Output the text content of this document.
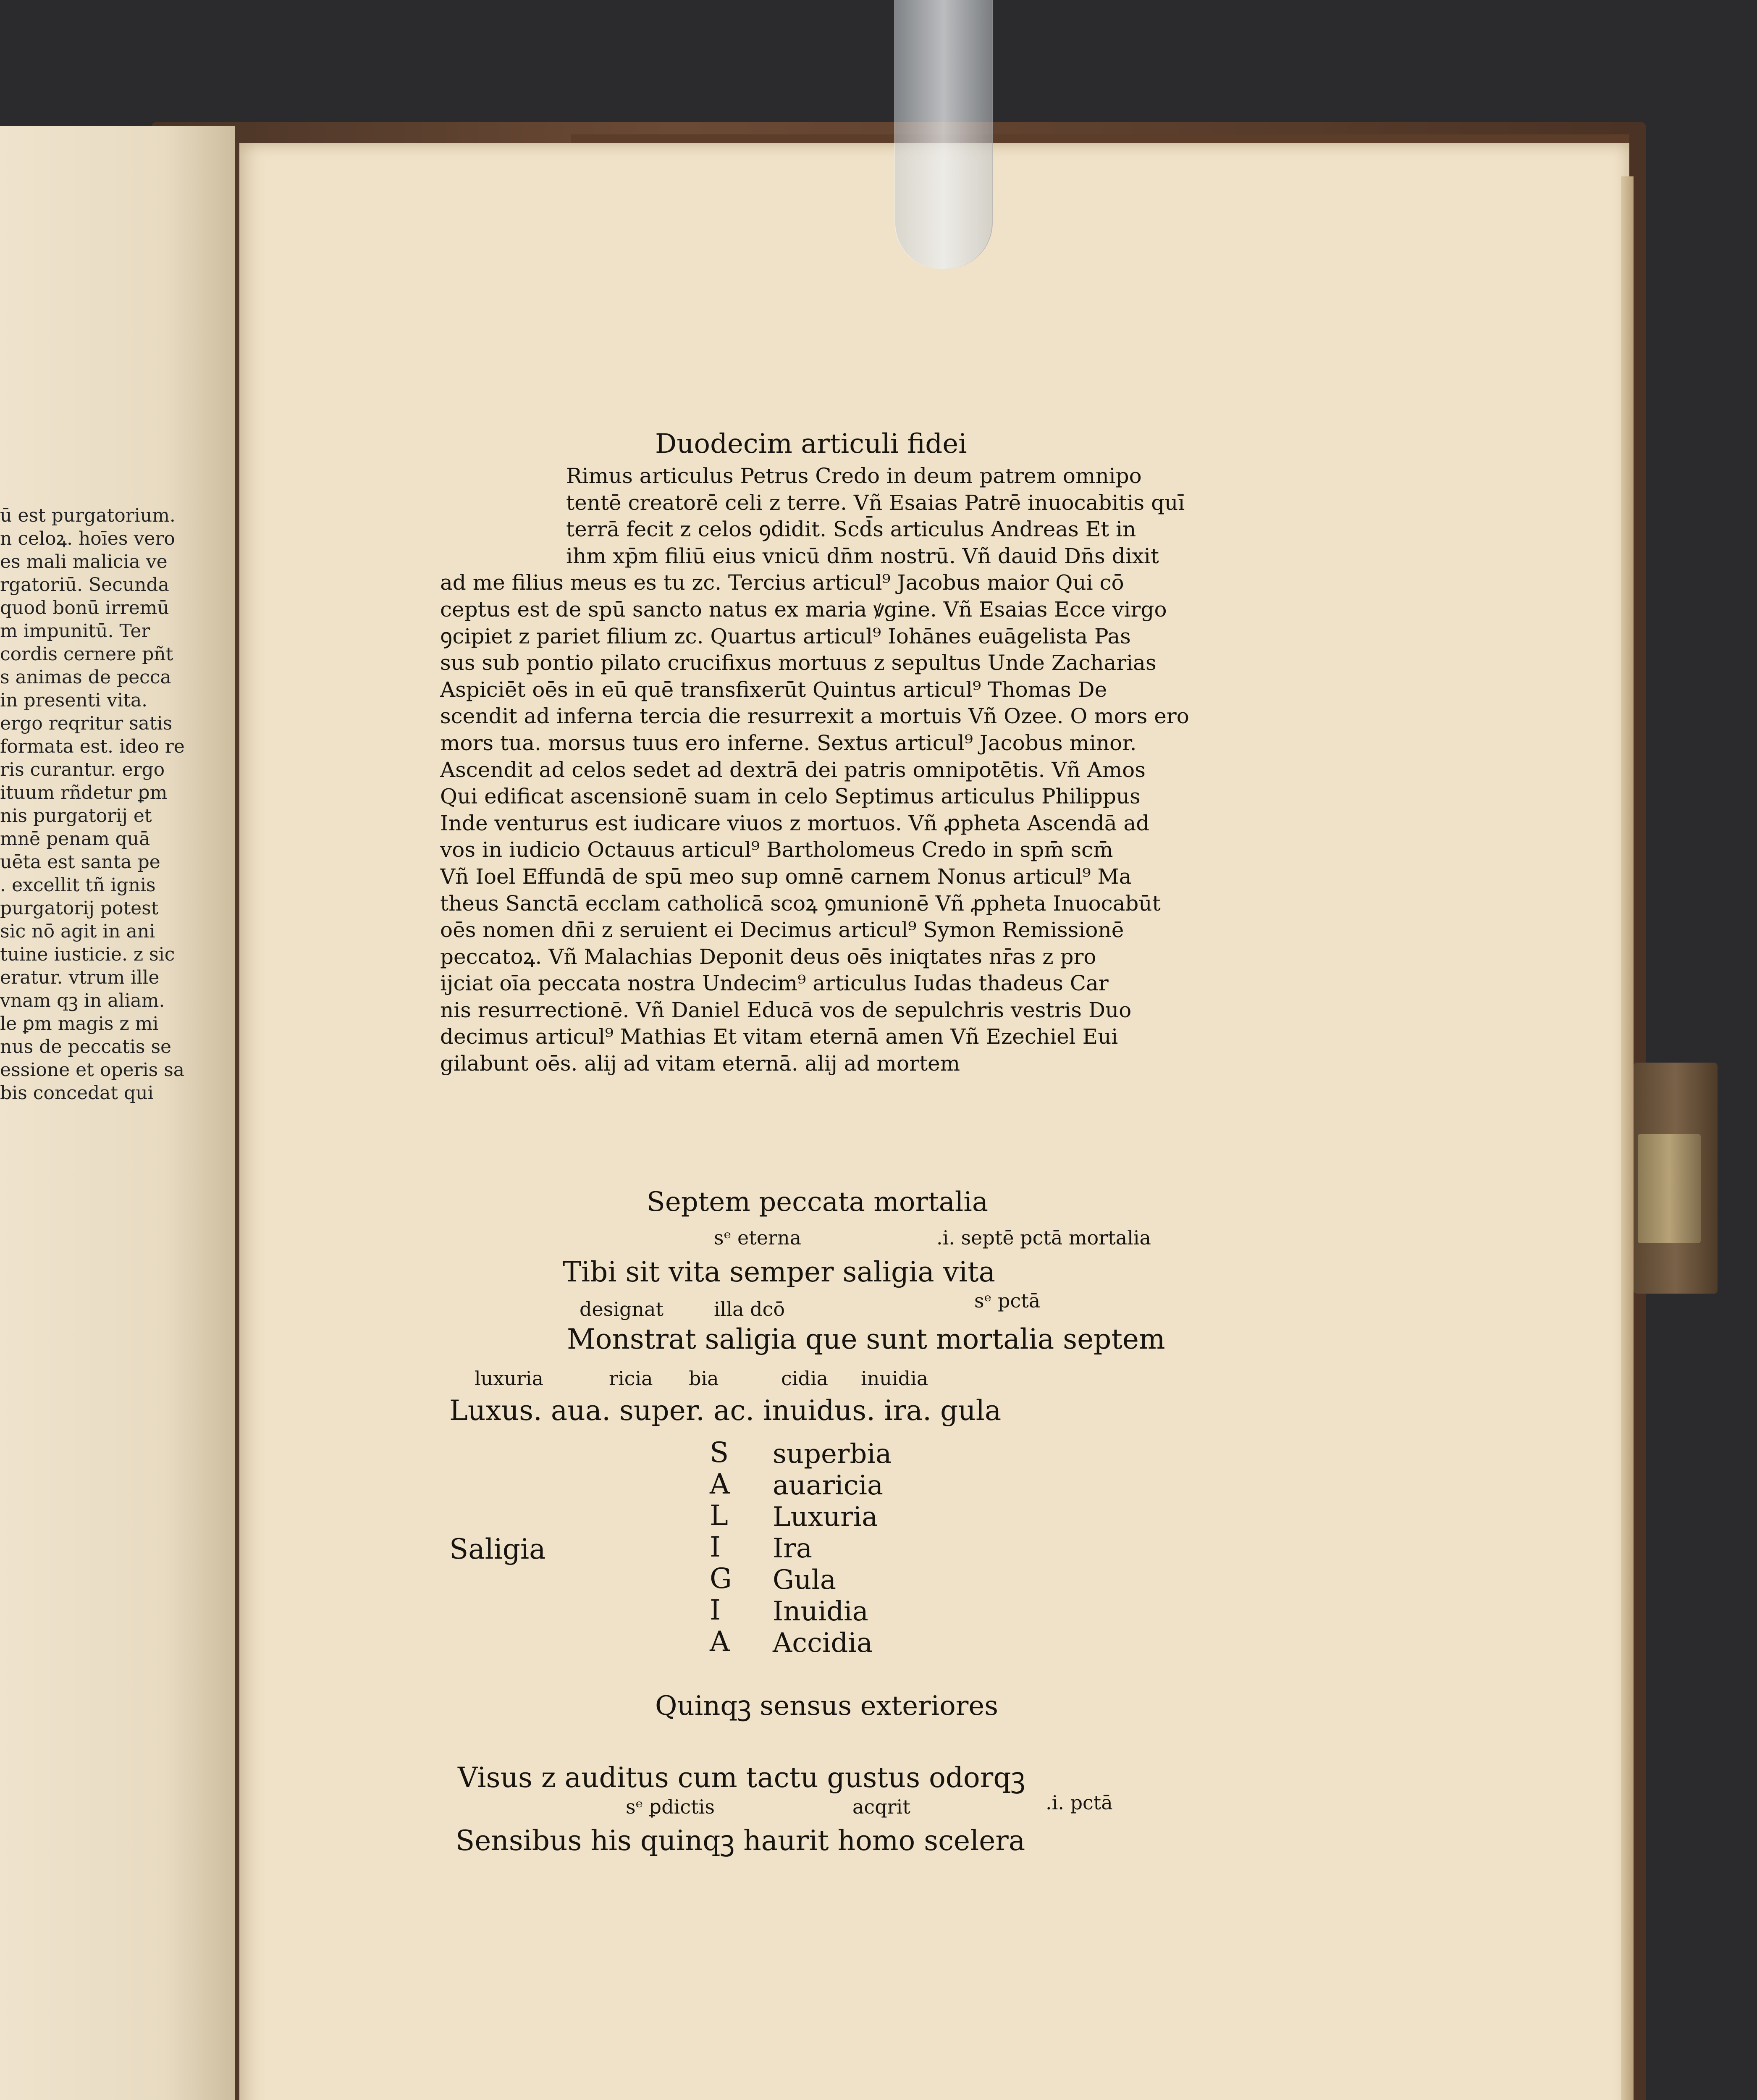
ū est purgatorium.
n celoꝝ. hoīes vero
es mali malicia ve
rgatoriū. Secunda
quod bonū irremū
m impunitū. Ter
cordis cernere pñt
s animas de pecca
in presenti vita.
ergo reqritur satis
formata est. ideo re
ris curantur. ergo
ituum rñdetur ꝑm
nis purgatorij et
mnē penam quā
uēta est santa pe
. excellit tñ ignis
purgatorij potest
sic nō agit in ani
tuine iusticie. z sic
eratur. vtrum ille
vnam qꝫ in aliam.
le ꝑm magis z mi
nus de peccatis se
essione et operis sa
bis concedat qui
Duodecim articuli fidei
Rimus articulus Petrus Credo in deum patrem omnipo
tentē creatorē celi z terre. Vñ Esaias Patrē inuocabitis quī
terrā fecit z celos ꝯdidit. Scd̄s articulus Andreas Et in
ihm xp̄m filiū eius vnicū dn̄m nostrū. Vñ dauid Dn̄s dixit
ad me filius meus es tu zc. Tercius articul⁹ Jacobus maior Qui cō
ceptus est de spū sancto natus ex maria ꝟgine. Vñ Esaias Ecce virgo
ꝯcipiet z pariet filium zc. Quartus articul⁹ Iohānes euāgelista Pas
sus sub pontio pilato crucifixus mortuus z sepultus Unde Zacharias
Aspiciēt oēs in eū quē transfixerūt Quintus articul⁹ Thomas De
scendit ad inferna tercia die resurrexit a mortuis Vñ Ozee. O mors ero
mors tua. morsus tuus ero inferne. Sextus articul⁹ Jacobus minor.
Ascendit ad celos sedet ad dextrā dei patris omnipotētis. Vñ Amos
Qui edificat ascensionē suam in celo Septimus articulus Philippus
Inde venturus est iudicare viuos z mortuos. Vñ ꝓpheta Ascendā ad
vos in iudicio Octauus articul⁹ Bartholomeus Credo in spm̄ scm̄
Vñ Ioel Effundā de spū meo sup omnē carnem Nonus articul⁹ Ma
theus Sanctā ecclam catholicā scoꝝ ꝯmunionē Vñ ꝓpheta Inuocabūt
oēs nomen dn̄i z seruient ei Decimus articul⁹ Symon Remissionē
peccatoꝝ. Vñ Malachias Deponit deus oēs iniqtates nr̄as z pro
ijciat oīa peccata nostra Undecim⁹ articulus Iudas thadeus Car
nis resurrectionē. Vñ Daniel Educā vos de sepulchris vestris Duo
decimus articul⁹ Mathias Et vitam eternā amen Vñ Ezechiel Eui
gilabunt oēs. alij ad vitam eternā. alij ad mortem
Septem peccata mortalia
sᵉ eterna	.i. septē pctā mortalia
Tibi sit vita semper saligia vita
designat	illa dcō	sᵉ pctā
Monstrat saligia que sunt mortalia septem
luxuria	ricia bia	cidia inuidia
Luxus. aua. super. ac. inuidus. ira. gula
Saligia
S superbia
A auaricia
L Luxuria
I Ira
G Gula
I Inuidia
A Accidia
Quinqꝫ sensus exteriores
Visus z auditus cum tactu gustus odorqꝫ
sᵉ ꝑdictis	acqrit	.i. pctā
Sensibus his quinqꝫ haurit homo scelera
